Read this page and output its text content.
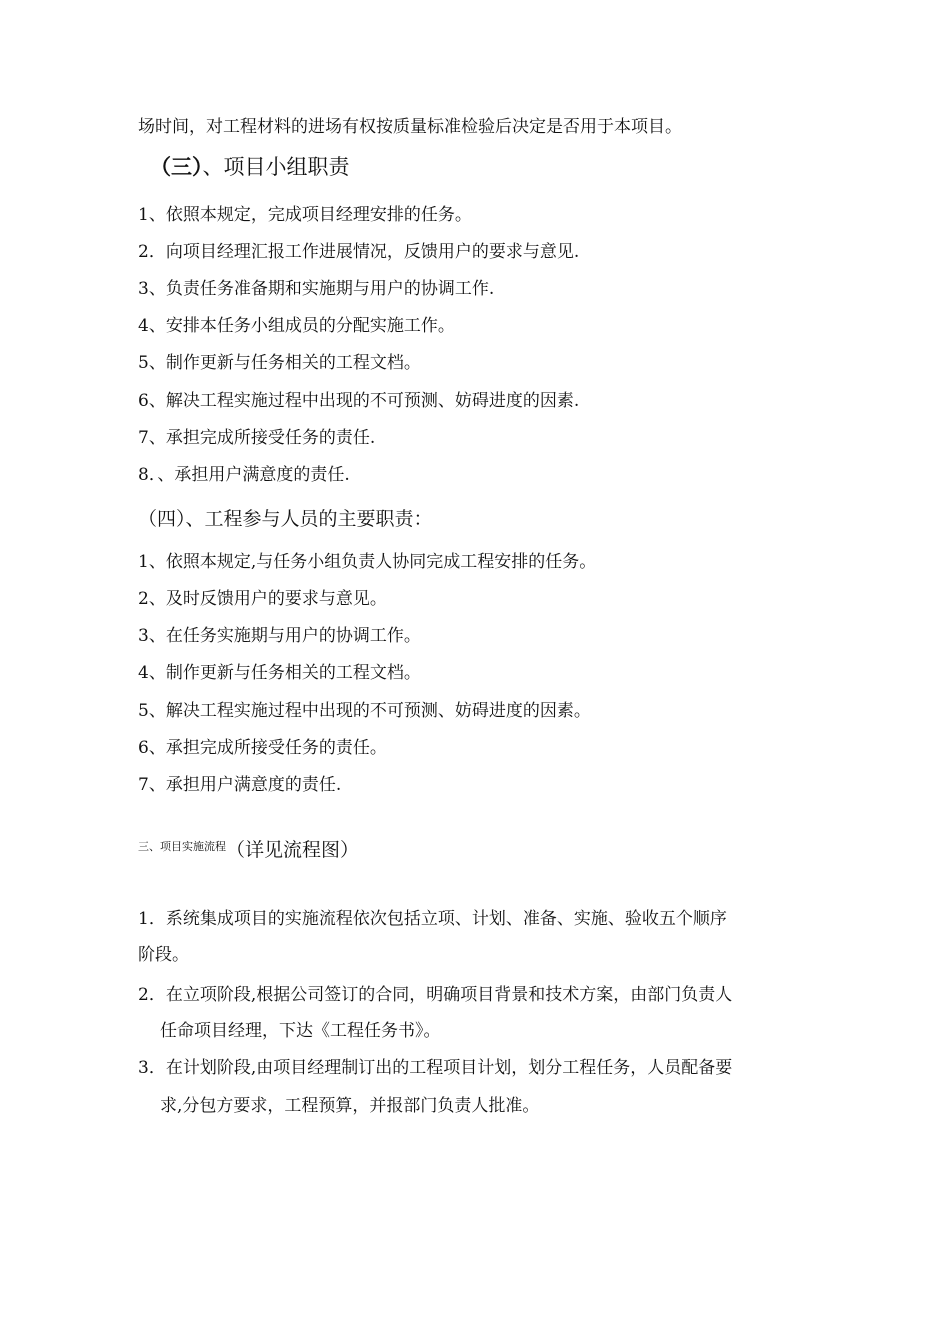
场时间，对工程材料的进场有权按质量标准检验后决定是否用于本项目。
（三）、项目小组职责
1、依照本规定，完成项目经理安排的任务。
2．向项目经理汇报工作进展情况，反馈用户的要求与意见.
3、负责任务准备期和实施期与用户的协调工作.
4、安排本任务小组成员的分配实施工作。
5、制作更新与任务相关的工程文档。
6、解决工程实施过程中出现的不可预测、妨碍进度的因素.
7、承担完成所接受任务的责任.
8．、承担用户满意度的责任.
（四）、工程参与人员的主要职责：
1、依照本规定,与任务小组负责人协同完成工程安排的任务。
2、及时反馈用户的要求与意见。
3、在任务实施期与用户的协调工作。
4、制作更新与任务相关的工程文档。
5、解决工程实施过程中出现的不可预测、妨碍进度的因素。
6、承担完成所接受任务的责任。
7、承担用户满意度的责任.
$^{三、项目实施流程}$（详见流程图）
1．系统集成项目的实施流程依次包括立项、计划、准备、实施、验收五个顺序
阶段。
2．在立项阶段,根据公司签订的合同，明确项目背景和技术方案，由部门负责人
任命项目经理，下达《工程任务书》。
3．在计划阶段,由项目经理制订出的工程项目计划，划分工程任务，人员配备要
求,分包方要求，工程预算，并报部门负责人批准。
